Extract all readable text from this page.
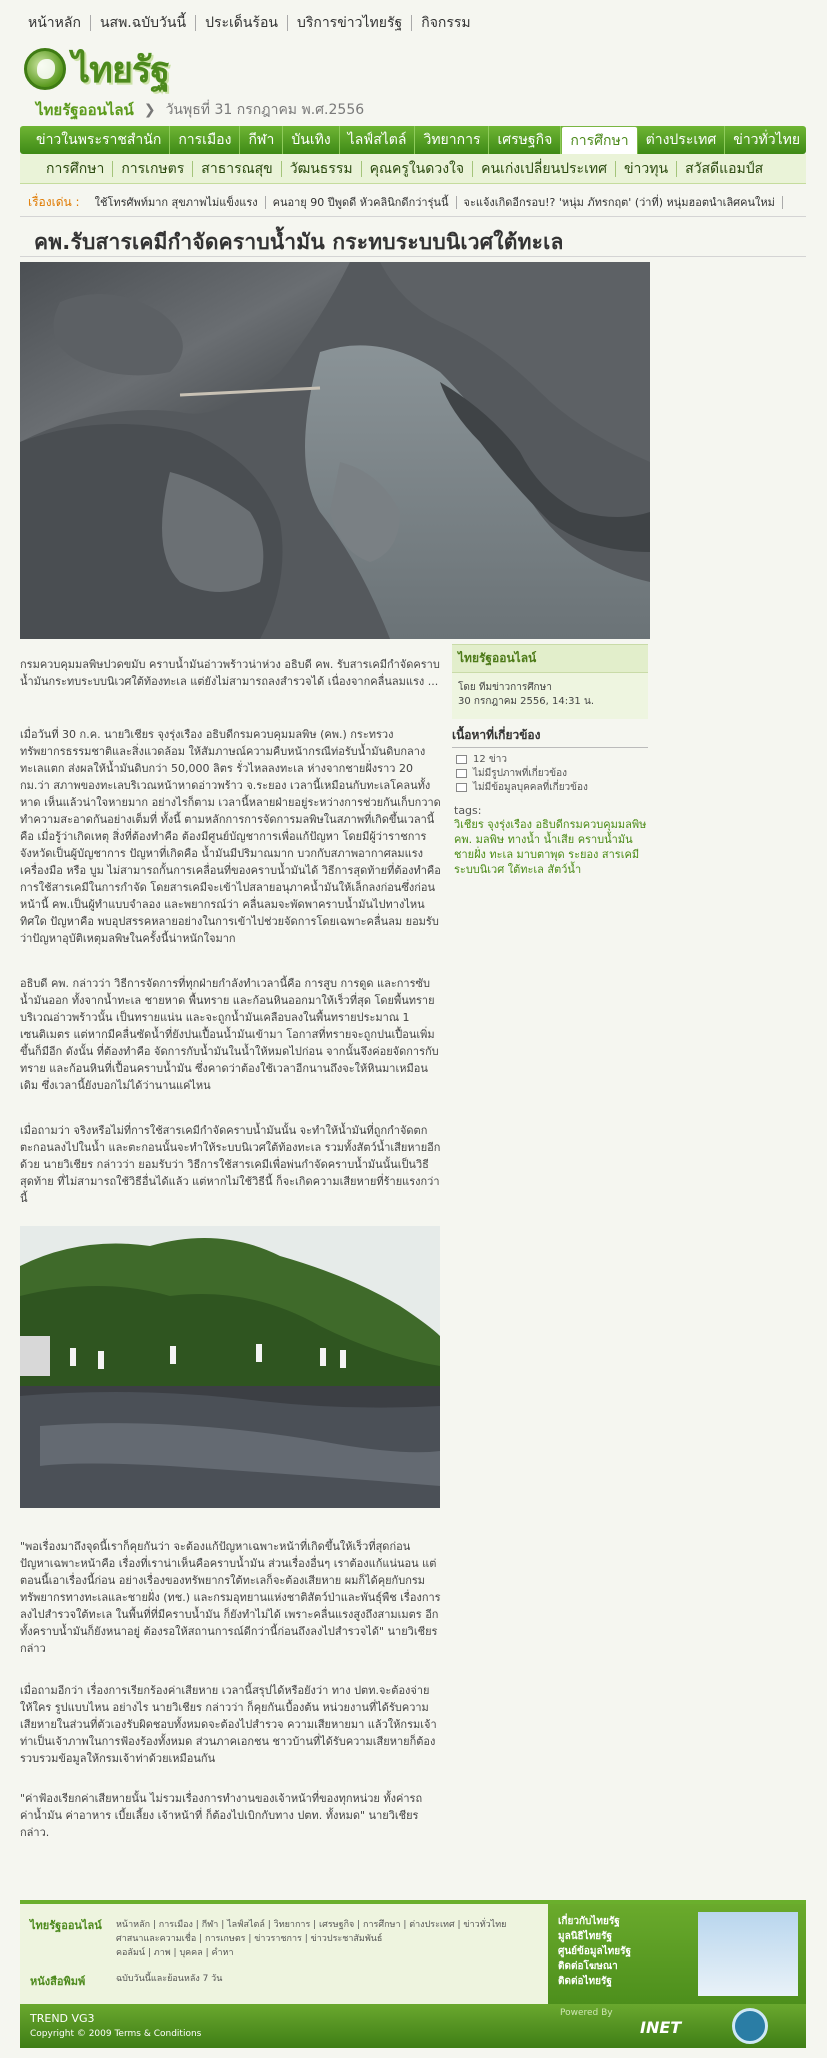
หน้าหลัก	นสพ.ฉบับวันนี้	ประเด็นร้อน	บริการข่าวไทยรัฐ	กิจกรรม
ไทยรัฐ
ไทยรัฐออนไลน์ ❯ วันพุธที่ 31 กรกฎาคม พ.ศ.2556
ข่าวในพระราชสำนัก	การเมือง	กีฬา	บันเทิง	ไลฟ์สไตล์	วิทยาการ	เศรษฐกิจ	การศึกษา	ต่างประเทศ	ข่าวทั่วไทย
การศึกษา	การเกษตร	สาธารณสุข	วัฒนธรรม	คุณครูในดวงใจ	คนเก่งเปลี่ยนประเทศ	ข่าวทุน	สวัสดีแอมป์ส
เรื่องเด่น :	ใช้โทรศัพท์มาก สุขภาพไม่แข็งแรง	คนอายุ 90 ปีพูดดี หัวคลินิกดีกว่ารุ่นนี้	จะแจ้งเกิดอีกรอบ!? 'หนุ่ม ภัทรกฤต' (ว่าที่) หนุ่มฮอตนำเลิศคนใหม่
คพ.รับสารเคมีกำจัดคราบน้ำมัน กระทบระบบนิเวศใต้ทะเล

กรมควบคุมมลพิษปวดขมับ คราบน้ำมันอ่าวพร้าวน่าห่วง อธิบดี คพ. รับสารเคมีกำจัดคราบน้ำมันกระทบระบบนิเวศใต้ท้องทะเล แต่ยังไม่สามารถลงสำรวจได้ เนื่องจากคลื่นลมแรง ...

เมื่อวันที่ 30 ก.ค. นายวิเชียร จุงรุ่งเรือง อธิบดีกรมควบคุมมลพิษ (คพ.) กระทรวงทรัพยากรธรรมชาติและสิ่งแวดล้อม ให้สัมภาษณ์ความคืบหน้ากรณีท่อรับน้ำมันดิบกลางทะเลแตก ส่งผลให้น้ำมันดิบกว่า 50,000 ลิตร รั่วไหลลงทะเล ห่างจากชายฝั่งราว 20 กม.ว่า สภาพของทะเลบริเวณหน้าหาดอ่าวพร้าว จ.ระยอง เวลานี้เหมือนกับทะเลโคลนทั้งหาด เห็นแล้วน่าใจหายมาก อย่างไรก็ตาม เวลานี้หลายฝ่ายอยู่ระหว่างการช่วยกันเก็บกวาดทำความสะอาดกันอย่างเต็มที่ ทั้งนี้ ตามหลักการการจัดการมลพิษในสภาพที่เกิดขึ้นเวลานี้คือ เมื่อรู้ว่าเกิดเหตุ สิ่งที่ต้องทำคือ ต้องมีศูนย์บัญชาการเพื่อแก้ปัญหา โดยมีผู้ว่าราชการจังหวัดเป็นผู้บัญชาการ ปัญหาที่เกิดคือ น้ำมันมีปริมาณมาก บวกกับสภาพอากาศลมแรง เครื่องมือ หรือ บูม ไม่สามารถกั้นการเคลื่อนที่ของคราบน้ำมันได้ วิธีการสุดท้ายที่ต้องทำคือ การใช้สารเคมีในการกำจัด โดยสารเคมีจะเข้าไปสลายอนุภาคน้ำมันให้เล็กลงก่อนซึ่งก่อนหน้านี้ คพ.เป็นผู้ทำแบบจำลอง และพยากรณ์ว่า คลื่นลมจะพัดพาคราบน้ำมันไปทางไหน ทิศใด ปัญหาคือ พบอุปสรรคหลายอย่างในการเข้าไปช่วยจัดการโดยเฉพาะคลื่นลม ยอมรับว่าปัญหาอุบัติเหตุมลพิษในครั้งนี้น่าหนักใจมาก

อธิบดี คพ. กล่าวว่า วิธีการจัดการที่ทุกฝ่ายกำลังทำเวลานี้คือ การสูบ การดูด และการซับน้ำมันออก ทั้งจากน้ำทะเล ชายหาด พื้นทราย และก้อนหินออกมาให้เร็วที่สุด โดยพื้นทรายบริเวณอ่าวพร้าวนั้น เป็นทรายแน่น และจะถูกน้ำมันเคลือบลงในพื้นทรายประมาณ 1 เซนติเมตร แต่หากมีคลื่นซัดน้ำที่ยังปนเปื้อนน้ำมันเข้ามา โอกาสที่ทรายจะถูกปนเปื้อนเพิ่มขึ้นก็มีอีก ดังนั้น ที่ต้องทำคือ จัดการกับน้ำมันในน้ำให้หมดไปก่อน จากนั้นจึงค่อยจัดการกับทราย และก้อนหินที่เปื้อนคราบน้ำมัน ซึ่งคาดว่าต้องใช้เวลาอีกนานถึงจะให้หินมาเหมือนเดิม ซึ่งเวลานี้ยังบอกไม่ได้ว่านานแค่ไหน

เมื่อถามว่า จริงหรือไม่ที่การใช้สารเคมีกำจัดคราบน้ำมันนั้น จะทำให้น้ำมันที่ถูกกำจัดตกตะกอนลงไปในน้ำ และตะกอนนั้นจะทำให้ระบบนิเวศใต้ท้องทะเล รวมทั้งสัตว์น้ำเสียหายอีกด้วย นายวิเชียร กล่าวว่า ยอมรับว่า วิธีการใช้สารเคมีเพื่อพ่นกำจัดคราบน้ำมันนั้นเป็นวิธีสุดท้าย ที่ไม่สามารถใช้วิธีอื่นได้แล้ว แต่หากไม่ใช้วิธีนี้ ก็จะเกิดความเสียหายที่ร้ายแรงกว่านี้

ไทยรัฐออนไลน์
โดย ทีมข่าวการศึกษา
30 กรกฎาคม 2556, 14:31 น.
เนื้อหาที่เกี่ยวข้อง
12 ข่าว
ไม่มีรูปภาพที่เกี่ยวข้อง
ไม่มีข้อมูลบุคคลที่เกี่ยวข้อง
tags:
วิเชียร จุงรุ่งเรือง อธิบดีกรมควบคุมมลพิษ คพ. มลพิษ ทางน้ำ น้ำเสีย คราบน้ำมัน ชายฝั่ง ทะเล มาบตาพุด ระยอง สารเคมี ระบบนิเวศ ใต้ทะเล สัตว์น้ำ

"พอเรื่องมาถึงจุดนี้เราก็คุยกันว่า จะต้องแก้ปัญหาเฉพาะหน้าที่เกิดขึ้นให้เร็วที่สุดก่อน ปัญหาเฉพาะหน้าคือ เรื่องที่เราน่าเห็นคือคราบน้ำมัน ส่วนเรื่องอื่นๆ เราต้องแก้แน่นอน แต่ตอนนี้เอาเรื่องนี้ก่อน อย่างเรื่องของทรัพยากรใต้ทะเลก็จะต้องเสียหาย ผมก็ได้คุยกับกรมทรัพยากรทางทะเลและชายฝั่ง (ทช.) และกรมอุทยานแห่งชาติสัตว์ป่าและพันธุ์พืช เรื่องการลงไปสำรวจใต้ทะเล ในพื้นที่ที่มีคราบน้ำมัน ก็ยังทำไม่ได้ เพราะคลื่นแรงสูงถึงสามเมตร อีกทั้งคราบน้ำมันก็ยังหนาอยู่ ต้องรอให้สถานการณ์ดีกว่านี้ก่อนถึงลงไปสำรวจได้" นายวิเชียร กล่าว

เมื่อถามอีกว่า เรื่องการเรียกร้องค่าเสียหาย เวลานี้สรุปได้หรือยังว่า ทาง ปตท.จะต้องจ่ายให้ใคร รูปแบบไหน อย่างไร นายวิเชียร กล่าวว่า ก็คุยกันเบื้องต้น หน่วยงานที่ได้รับความเสียหายในส่วนที่ตัวเองรับผิดชอบทั้งหมดจะต้องไปสำรวจ ความเสียหายมา แล้วให้กรมเจ้าท่าเป็นเจ้าภาพในการฟ้องร้องทั้งหมด ส่วนภาคเอกชน ชาวบ้านที่ได้รับความเสียหายก็ต้องรวบรวมข้อมูลให้กรมเจ้าท่าด้วยเหมือนกัน

"ค่าฟ้องเรียกค่าเสียหายนั้น ไม่รวมเรื่องการทำงานของเจ้าหน้าที่ของทุกหน่วย ทั้งค่ารถ ค่าน้ำมัน ค่าอาหาร เบี้ยเลี้ยง เจ้าหน้าที่ ก็ต้องไปเบิกกับทาง ปตท. ทั้งหมด" นายวิเชียร กล่าว.

ไทยรัฐออนไลน์ หน้าหลัก | การเมือง | กีฬา | ไลฟ์สไตล์ | วิทยาการ | เศรษฐกิจ | การศึกษา | ต่างประเทศ | ข่าวทั่วไทย
ศาสนาและความเชื่อ | การเกษตร | ข่าวราชการ | ข่าวประชาสัมพันธ์
คอลัมน์ | ภาพ | บุคคล | คำหา
หนังสือพิมพ์	ฉบับวันนี้และย้อนหลัง 7 วัน
เกี่ยวกับไทยรัฐ
มูลนิธิไทยรัฐ
ศูนย์ข้อมูลไทยรัฐ
ติดต่อโฆษณา
ติดต่อไทยรัฐ
TREND VG3
Copyright © 2009 Terms & Conditions
Powered By
INET
